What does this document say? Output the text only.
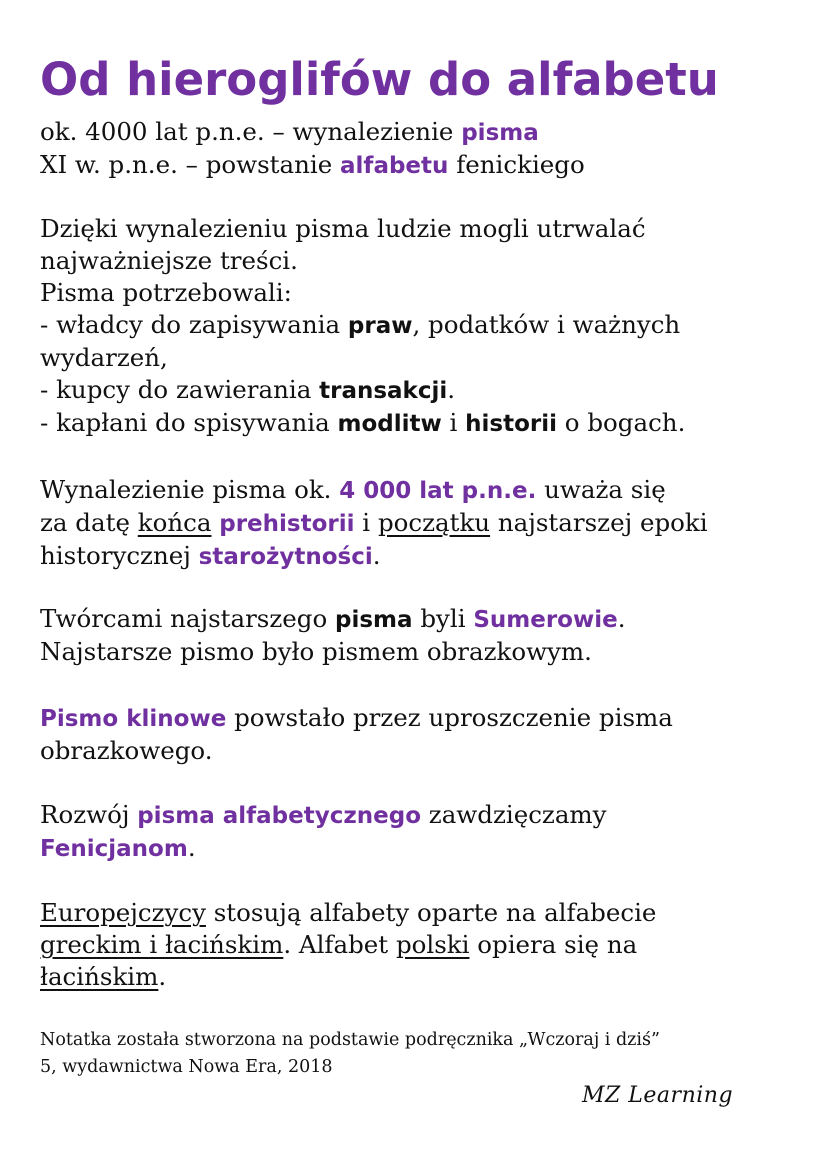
Od hieroglifów do alfabetu

ok. 4000 lat p.n.e. – wynalezienie pisma
XI w. p.n.e. – powstanie alfabetu fenickiego

Dzięki wynalezieniu pisma ludzie mogli utrwalać
najważniejsze treści.
Pisma potrzebowali:
- władcy do zapisywania praw, podatków i ważnych
wydarzeń,
- kupcy do zawierania transakcji.
- kapłani do spisywania modlitw i historii o bogach.

Wynalezienie pisma ok. 4 000 lat p.n.e. uważa się
za datę końca prehistorii i początku najstarszej epoki
historycznej starożytności.

Twórcami najstarszego pisma byli Sumerowie.
Najstarsze pismo było pismem obrazkowym.

Pismo klinowe powstało przez uproszczenie pisma
obrazkowego.

Rozwój pisma alfabetycznego zawdzięczamy
Fenicjanom.

Europejczycy stosują alfabety oparte na alfabecie
greckim i łacińskim. Alfabet polski opiera się na
łacińskim.

Notatka została stworzona na podstawie podręcznika „Wczoraj i dziś”
5, wydawnictwa Nowa Era, 2018

MZ Learning
